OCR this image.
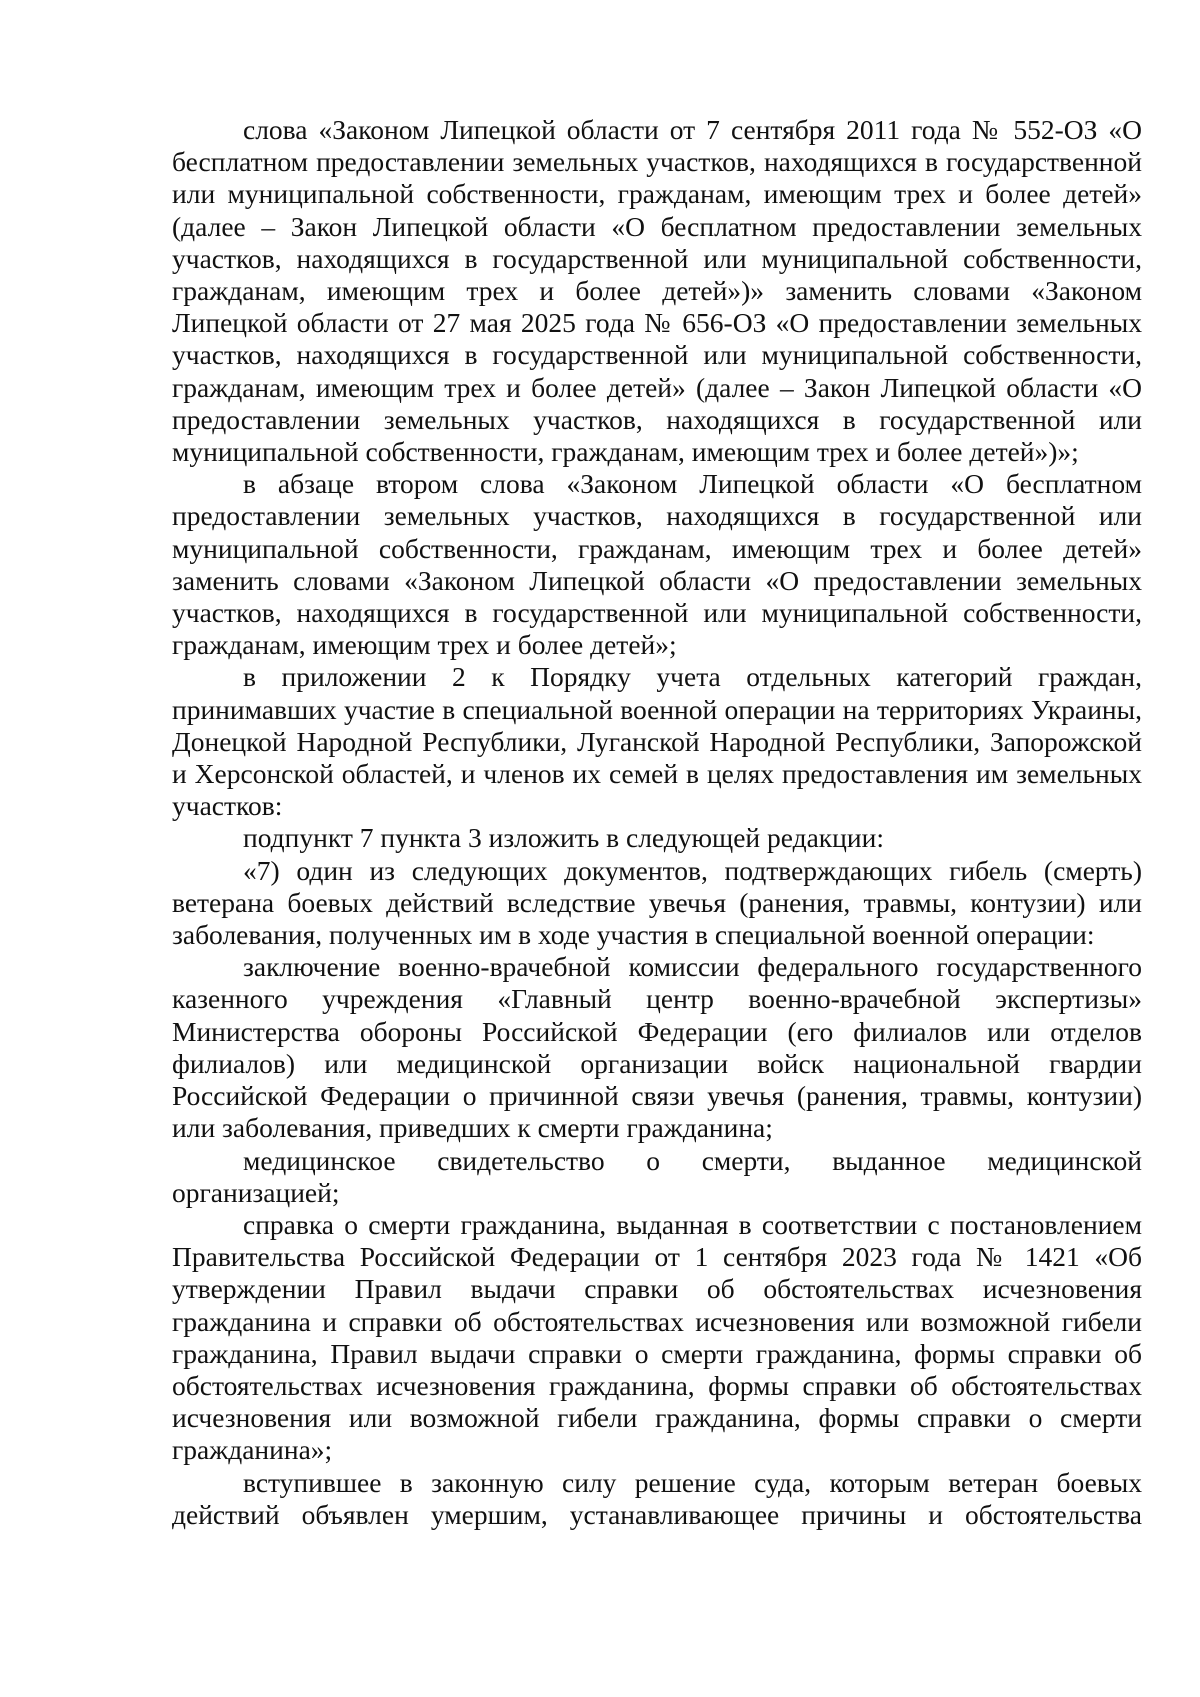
слова «Законом Липецкой области от 7 сентября 2011 года № 552-ОЗ «О бесплатном предоставлении земельных участков, находящихся в государственной или муниципальной собственности, гражданам, имеющим трех и более детей» (далее – Закон Липецкой области «О бесплатном предоставлении земельных участков, находящихся в государственной или муниципальной собственности, гражданам, имеющим трех и более детей»)» заменить словами «Законом Липецкой области от 27 мая 2025 года № 656-ОЗ «О предоставлении земельных участков, находящихся в государственной или муниципальной собственности, гражданам, имеющим трех и более детей» (далее – Закон Липецкой области «О предоставлении земельных участков, находящихся в государственной или муниципальной собственности, гражданам, имеющим трех и более детей»)»;

в абзаце втором слова «Законом Липецкой области «О бесплатном предоставлении земельных участков, находящихся в государственной или муниципальной собственности, гражданам, имеющим трех и более детей» заменить словами «Законом Липецкой области «О предоставлении земельных участков, находящихся в государственной или муниципальной собственности, гражданам, имеющим трех и более детей»;

в приложении 2 к Порядку учета отдельных категорий граждан, принимавших участие в специальной военной операции на территориях Украины, Донецкой Народной Республики, Луганской Народной Республики, Запорожской и Херсонской областей, и членов их семей в целях предоставления им земельных участков:

подпункт 7 пункта 3 изложить в следующей редакции:

«7) один из следующих документов, подтверждающих гибель (смерть) ветерана боевых действий вследствие увечья (ранения, травмы, контузии) или заболевания, полученных им в ходе участия в специальной военной операции:

заключение военно-врачебной комиссии федерального государственного казенного учреждения «Главный центр военно-врачебной экспертизы» Министерства обороны Российской Федерации (его филиалов или отделов филиалов) или медицинской организации войск национальной гвардии Российской Федерации о причинной связи увечья (ранения, травмы, контузии) или заболевания, приведших к смерти гражданина;

медицинское свидетельство о смерти, выданное медицинской организацией;

справка о смерти гражданина, выданная в соответствии с постановлением Правительства Российской Федерации от 1 сентября 2023 года № 1421 «Об утверждении Правил выдачи справки об обстоятельствах исчезновения гражданина и справки об обстоятельствах исчезновения или возможной гибели гражданина, Правил выдачи справки о смерти гражданина, формы справки об обстоятельствах исчезновения гражданина, формы справки об обстоятельствах исчезновения или возможной гибели гражданина, формы справки о смерти гражданина»;

вступившее в законную силу решение суда, которым ветеран боевых действий объявлен умершим, устанавливающее причины и обстоятельства
